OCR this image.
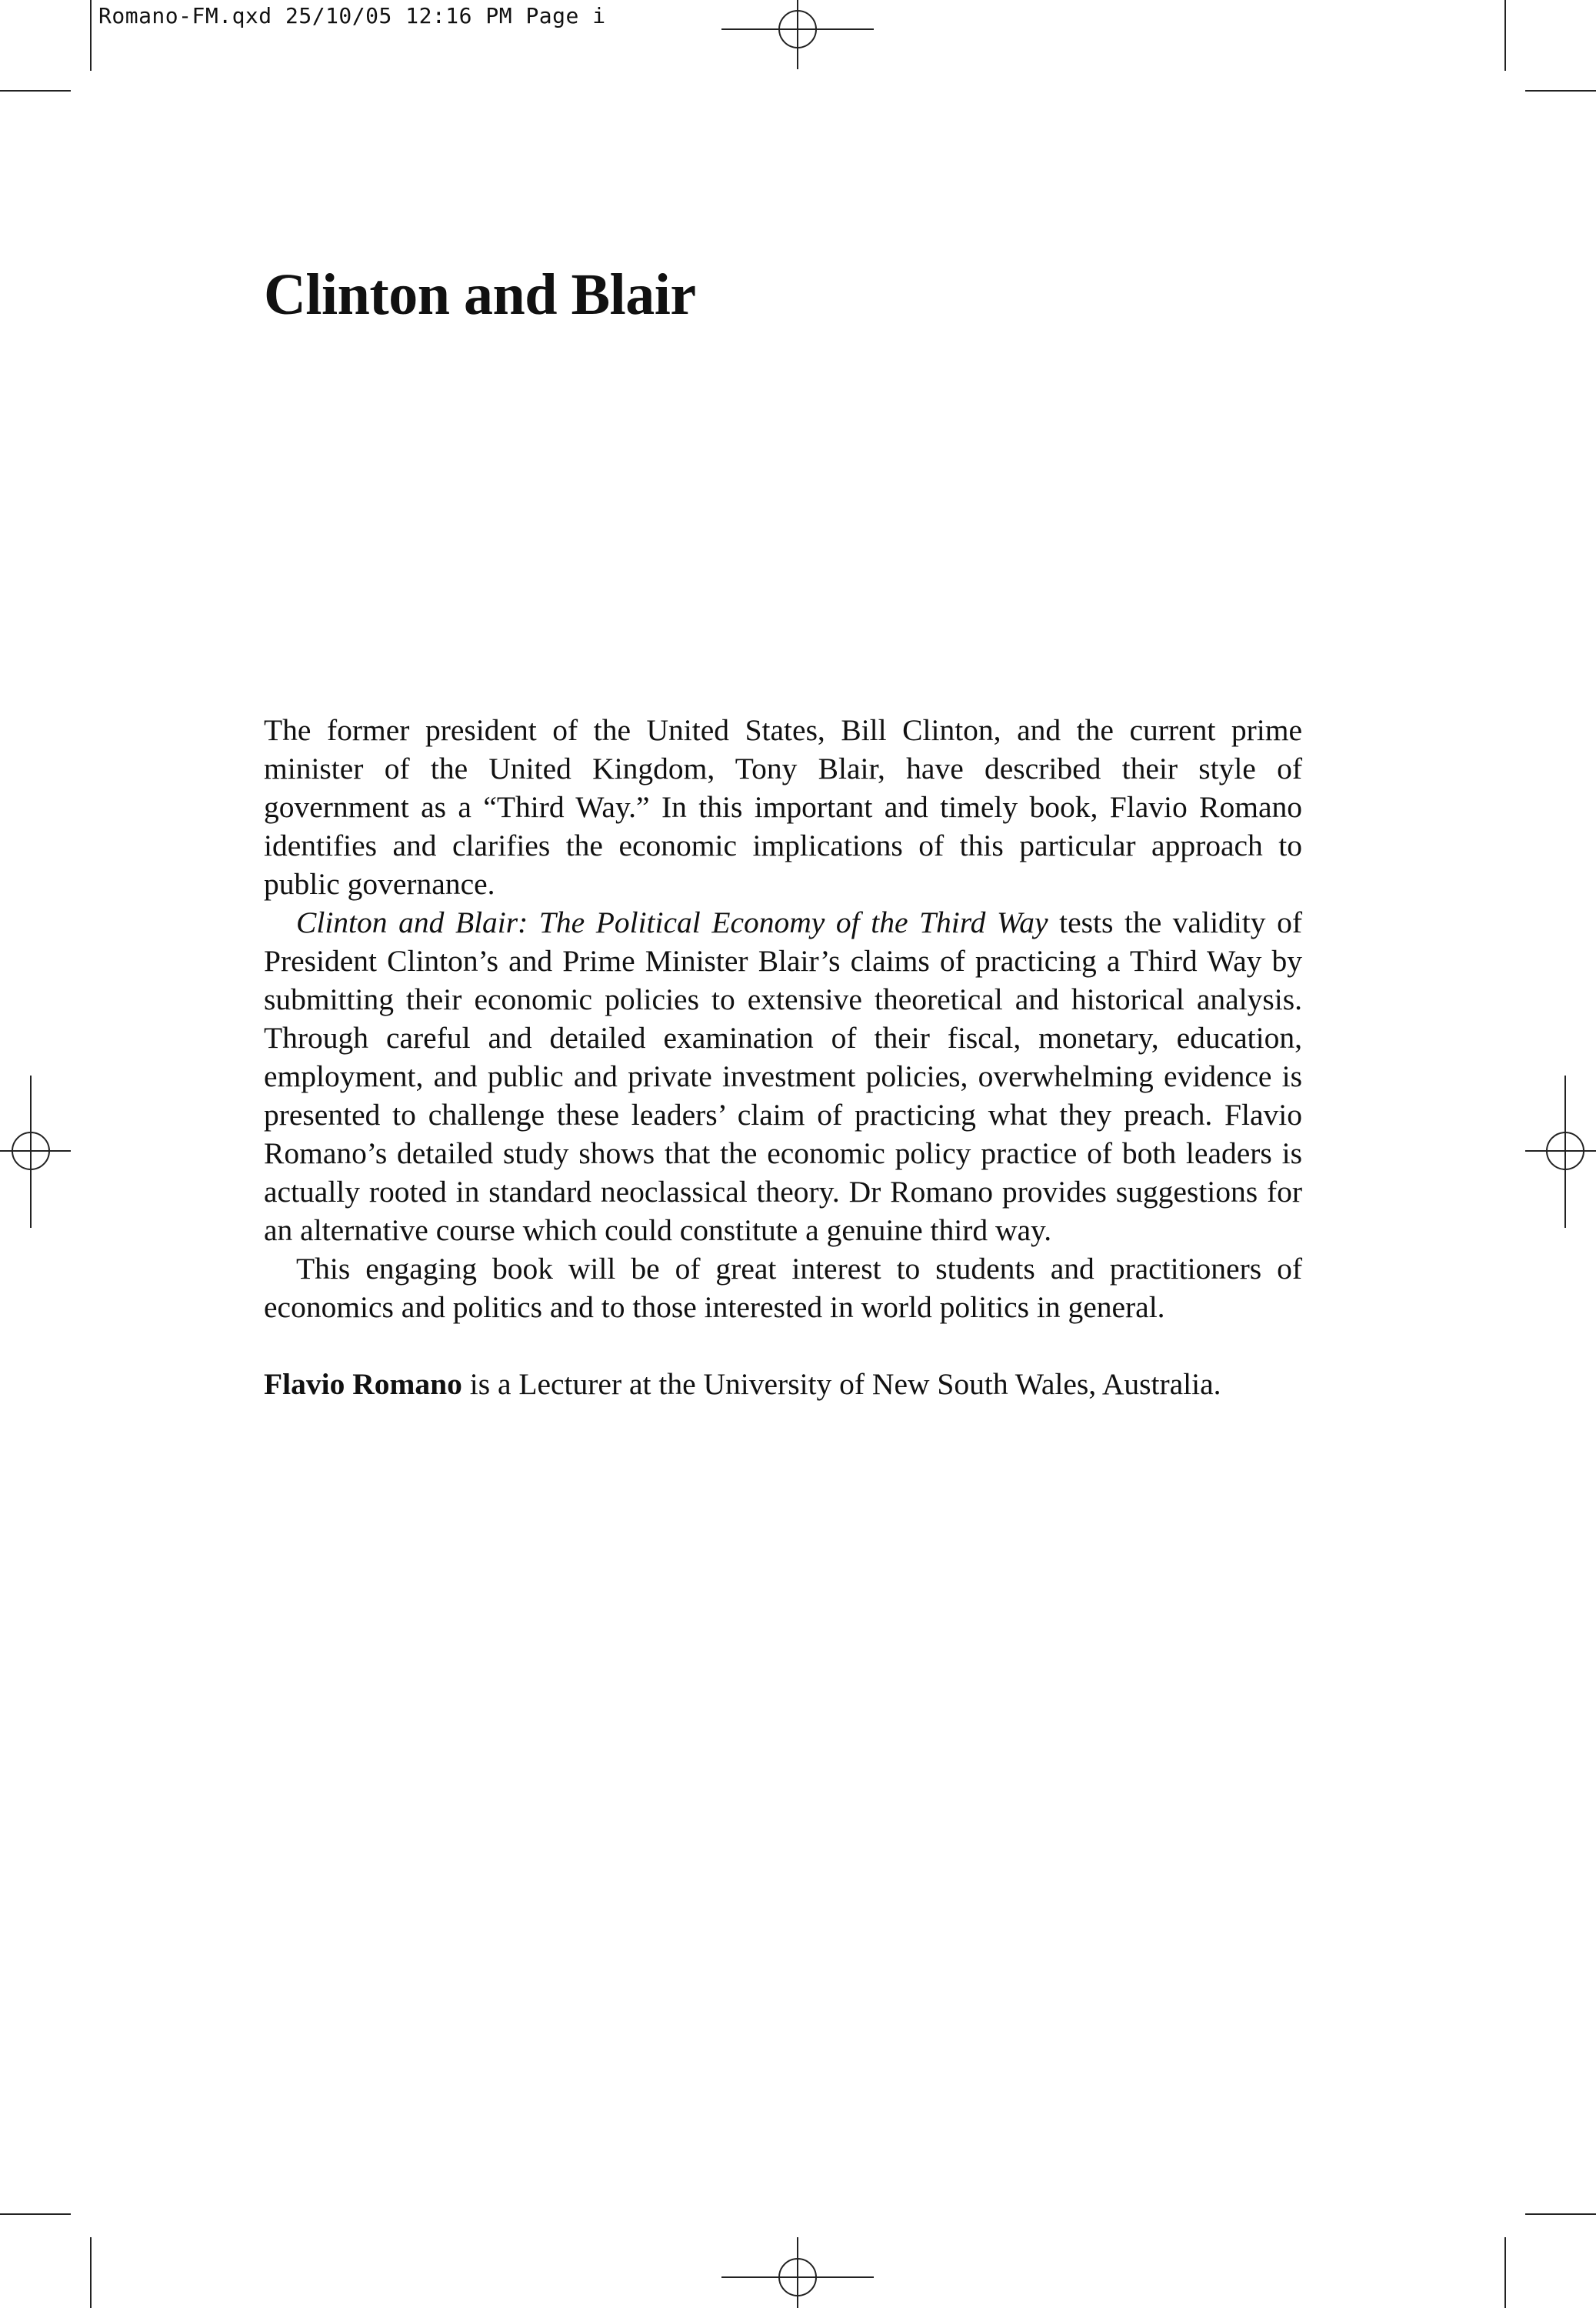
Romano-FM.qxd 25/10/05 12:16 PM Page i
Clinton and Blair

The former president of the United States, Bill Clinton, and the current prime minister of the United Kingdom, Tony Blair, have described their style of government as a “Third Way.” In this important and timely book, Flavio Romano identifies and clarifies the economic implications of this particular approach to public governance.

Clinton and Blair: The Political Economy of the Third Way tests the validity of President Clinton’s and Prime Minister Blair’s claims of practicing a Third Way by submitting their economic policies to extensive theoretical and historical analysis. Through careful and detailed examination of their fiscal, monetary, education, employment, and public and private investment policies, overwhelming evidence is presented to challenge these leaders’ claim of practicing what they preach. Flavio Romano’s detailed study shows that the economic policy practice of both leaders is actually rooted in standard neoclassical theory. Dr Romano provides suggestions for an alternative course which could constitute a genuine third way.

This engaging book will be of great interest to students and practitioners of economics and politics and to those interested in world politics in general.

Flavio Romano is a Lecturer at the University of New South Wales, Australia.
